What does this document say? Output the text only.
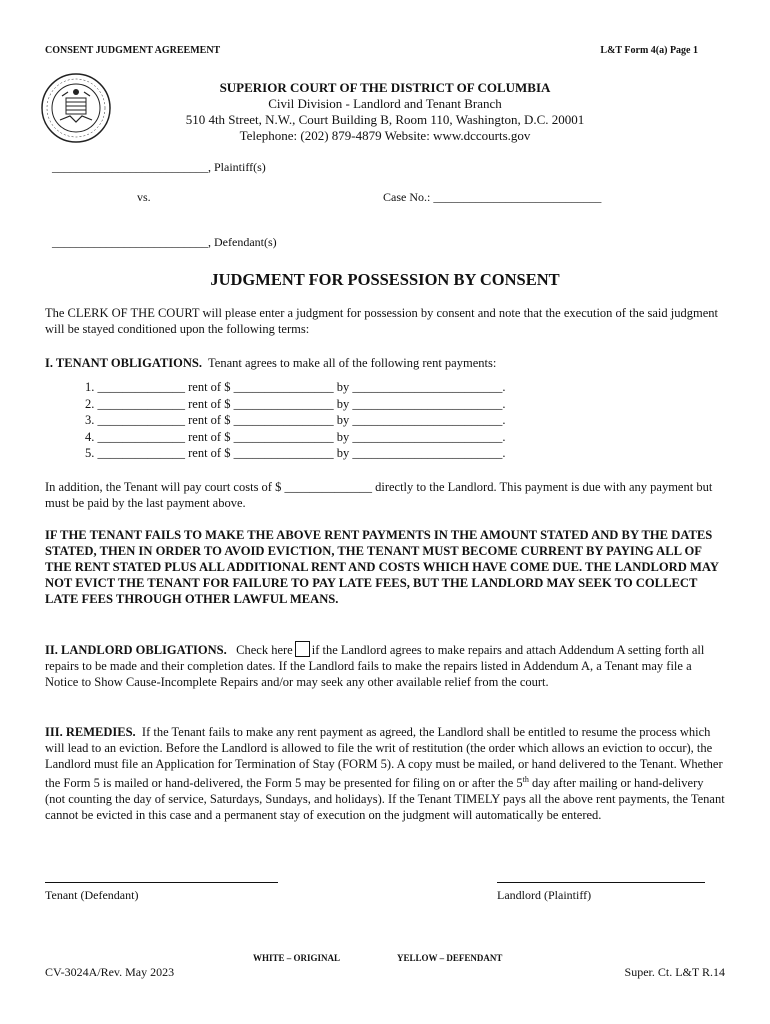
CONSENT JUDGMENT AGREEMENT	L&T Form 4(a) Page 1
SUPERIOR COURT OF THE DISTRICT OF COLUMBIA
Civil Division - Landlord and Tenant Branch
510 4th Street, N.W., Court Building B, Room 110, Washington, D.C. 20001
Telephone: (202) 879-4879 Website: www.dccourts.gov
__________________________, Plaintiff(s)
vs.	Case No.: ____________________________
__________________________, Defendant(s)
JUDGMENT FOR POSSESSION BY CONSENT
The CLERK OF THE COURT will please enter a judgment for possession by consent and note that the execution of the said judgment will be stayed conditioned upon the following terms:
I. TENANT OBLIGATIONS. Tenant agrees to make all of the following rent payments:
1. ______________ rent of $ ________________ by ________________________.
2. ______________ rent of $ ________________ by ________________________.
3. ______________ rent of $ ________________ by ________________________.
4. ______________ rent of $ ________________ by ________________________.
5. ______________ rent of $ ________________ by ________________________.
In addition, the Tenant will pay court costs of $ ______________ directly to the Landlord. This payment is due with any payment but must be paid by the last payment above.
IF THE TENANT FAILS TO MAKE THE ABOVE RENT PAYMENTS IN THE AMOUNT STATED AND BY THE DATES STATED, THEN IN ORDER TO AVOID EVICTION, THE TENANT MUST BECOME CURRENT BY PAYING ALL OF THE RENT STATED PLUS ALL ADDITIONAL RENT AND COSTS WHICH HAVE COME DUE. THE LANDLORD MAY NOT EVICT THE TENANT FOR FAILURE TO PAY LATE FEES, BUT THE LANDLORD MAY SEEK TO COLLECT LATE FEES THROUGH OTHER LAWFUL MEANS.
II. LANDLORD OBLIGATIONS. Check here if the Landlord agrees to make repairs and attach Addendum A setting forth all repairs to be made and their completion dates. If the Landlord fails to make the repairs listed in Addendum A, a Tenant may file a Notice to Show Cause-Incomplete Repairs and/or may seek any other available relief from the court.
III. REMEDIES. If the Tenant fails to make any rent payment as agreed, the Landlord shall be entitled to resume the process which will lead to an eviction. Before the Landlord is allowed to file the writ of restitution (the order which allows an eviction to occur), the Landlord must file an Application for Termination of Stay (FORM 5). A copy must be mailed, or hand delivered to the Tenant. Whether the Form 5 is mailed or hand-delivered, the Form 5 may be presented for filing on or after the 5th day after mailing or hand-delivery (not counting the day of service, Saturdays, Sundays, and holidays). If the Tenant TIMELY pays all the above rent payments, the Tenant cannot be evicted in this case and a permanent stay of execution on the judgment will automatically be entered.
Tenant (Defendant)	Landlord (Plaintiff)
WHITE – ORIGINAL	YELLOW – DEFENDANT
CV-3024A/Rev. May 2023	Super. Ct. L&T R.14
